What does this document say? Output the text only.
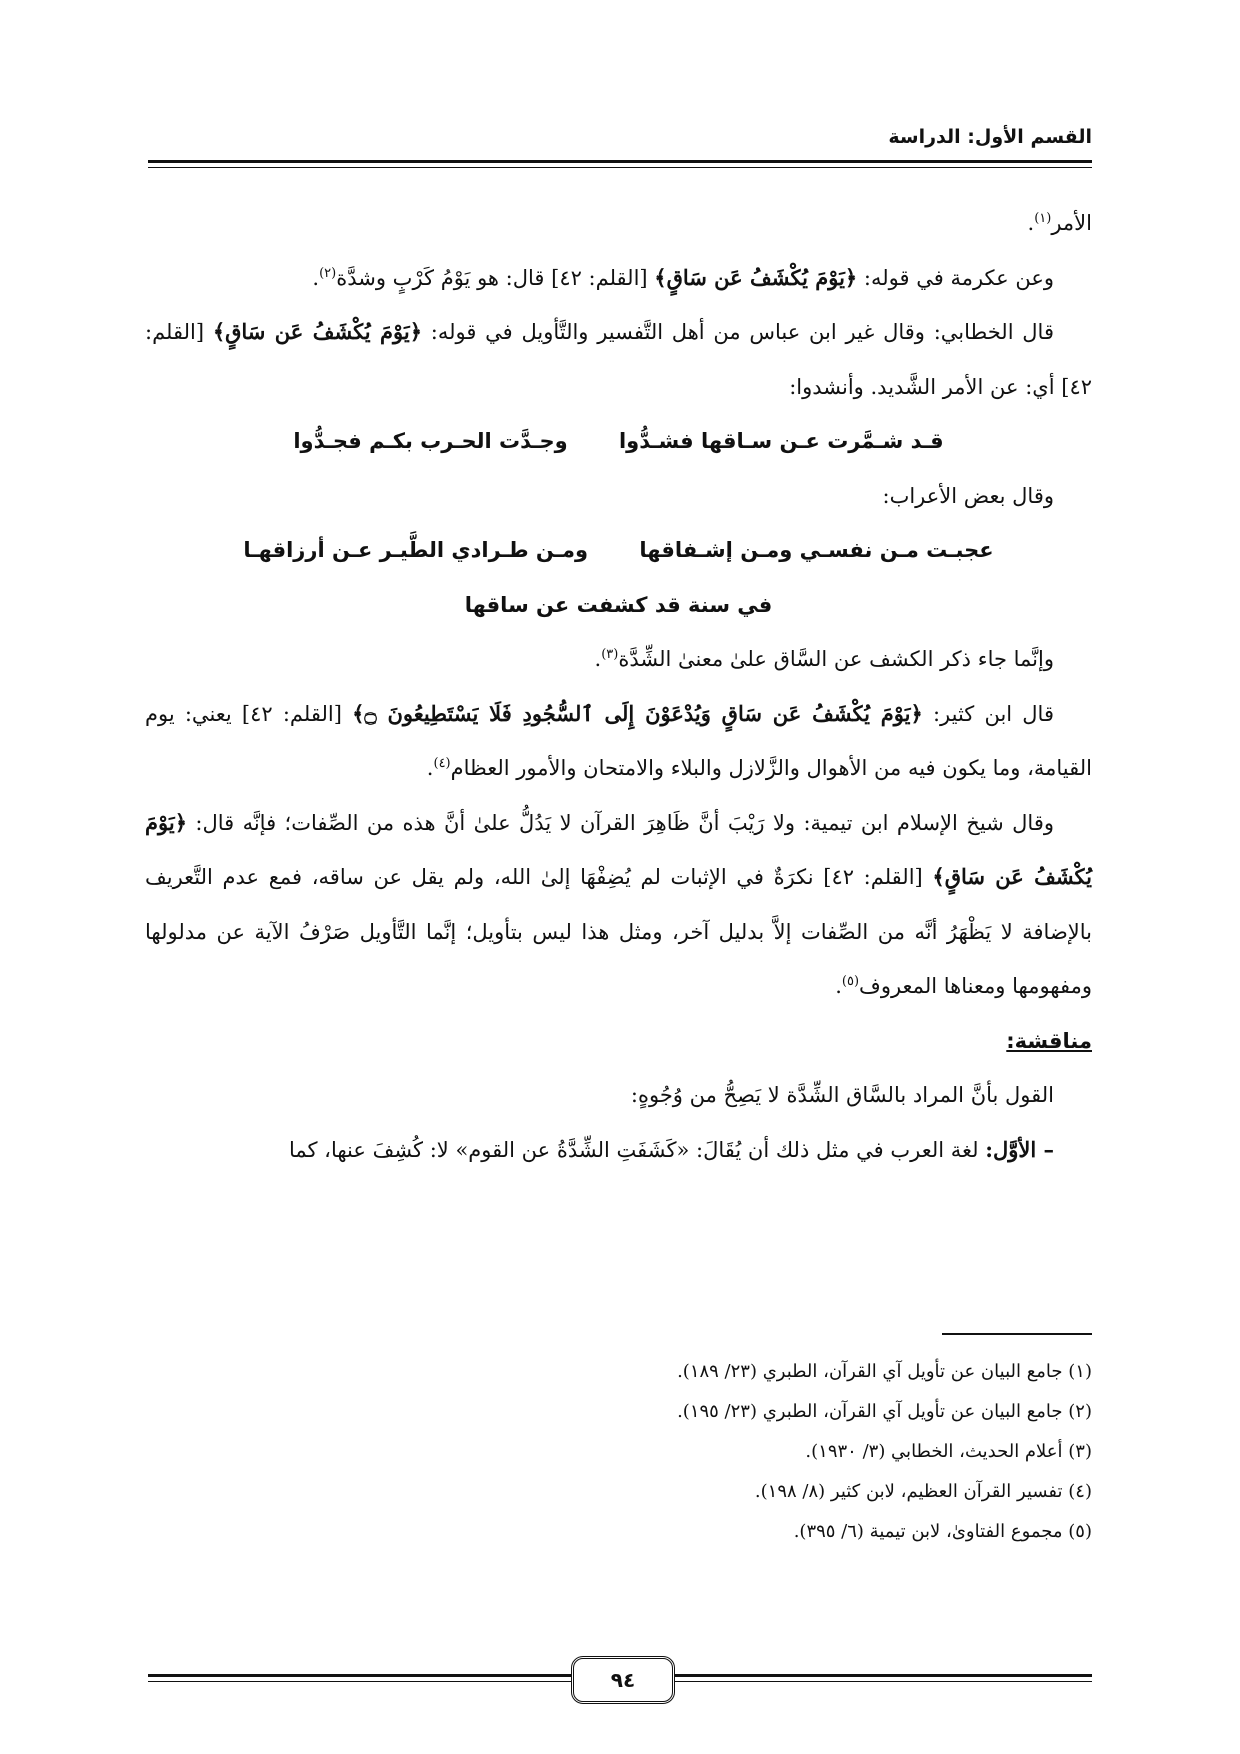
القسم الأول: الدراسة

الأمر$^{(١)}$.

وعن عكرمة في قوله: ﴿يَوْمَ يُكْشَفُ عَن سَاقٍ﴾ [القلم: ٤٢] قال: هو يَوْمُ كَرْبٍ وشدَّة$^{(٢)}$.

قال الخطابي: وقال غير ابن عباس من أهل التَّفسير والتَّأويل في قوله: ﴿يَوْمَ يُكْشَفُ عَن سَاقٍ﴾ [القلم: ٤٢] أي: عن الأمر الشَّديد. وأنشدوا:

قـد شـمَّرت عـن سـاقها فشـدُّوا وجـدَّت الحـرب بكـم فجـدُّوا

وقال بعض الأعراب:

عجبـت مـن نفسـي ومـن إشـفاقها ومـن طـرادي الطَّيـر عـن أرزاقهـا

في سنة قد كشفت عن ساقها

وإنَّما جاء ذكر الكشف عن السَّاق علىٰ معنىٰ الشِّدَّة$^{(٣)}$.

قال ابن كثير: ﴿يَوْمَ يُكْشَفُ عَن سَاقٍ وَيُدْعَوْنَ إِلَى ٱلسُّجُودِ فَلَا يَسْتَطِيعُونَ ۝﴾ [القلم: ٤٢] يعني: يوم القيامة، وما يكون فيه من الأهوال والزَّلازل والبلاء والامتحان والأمور العظام$^{(٤)}$.

وقال شيخ الإسلام ابن تيمية: ولا رَيْبَ أنَّ ظَاهِرَ القرآن لا يَدُلُّ علىٰ أنَّ هذه من الصِّفات؛ فإنَّه قال: ﴿يَوْمَ يُكْشَفُ عَن سَاقٍ﴾ [القلم: ٤٢] نكرَةٌ في الإثبات لم يُضِفْهَا إلىٰ الله، ولم يقل عن ساقه، فمع عدم التَّعريف بالإضافة لا يَظْهَرُ أنَّه من الصِّفات إلاَّ بدليل آخر، ومثل هذا ليس بتأويل؛ إنَّما التَّأويل صَرْفُ الآية عن مدلولها ومفهومها ومعناها المعروف$^{(٥)}$.

مناقشة:

القول بأنَّ المراد بالسَّاق الشِّدَّة لا يَصِحُّ من وُجُوهٍ:

– الأوَّل: لغة العرب في مثل ذلك أن يُقَالَ: «كَشَفَتِ الشِّدَّةُ عن القوم» لا: كُشِفَ عنها، كما

(١) جامع البيان عن تأويل آي القرآن، الطبري (٢٣/ ١٨٩).
(٢) جامع البيان عن تأويل آي القرآن، الطبري (٢٣/ ١٩٥).
(٣) أعلام الحديث، الخطابي (٣/ ١٩٣٠).
(٤) تفسير القرآن العظيم، لابن كثير (٨/ ١٩٨).
(٥) مجموع الفتاوىٰ، لابن تيمية (٦/ ٣٩٥).
٩٤
